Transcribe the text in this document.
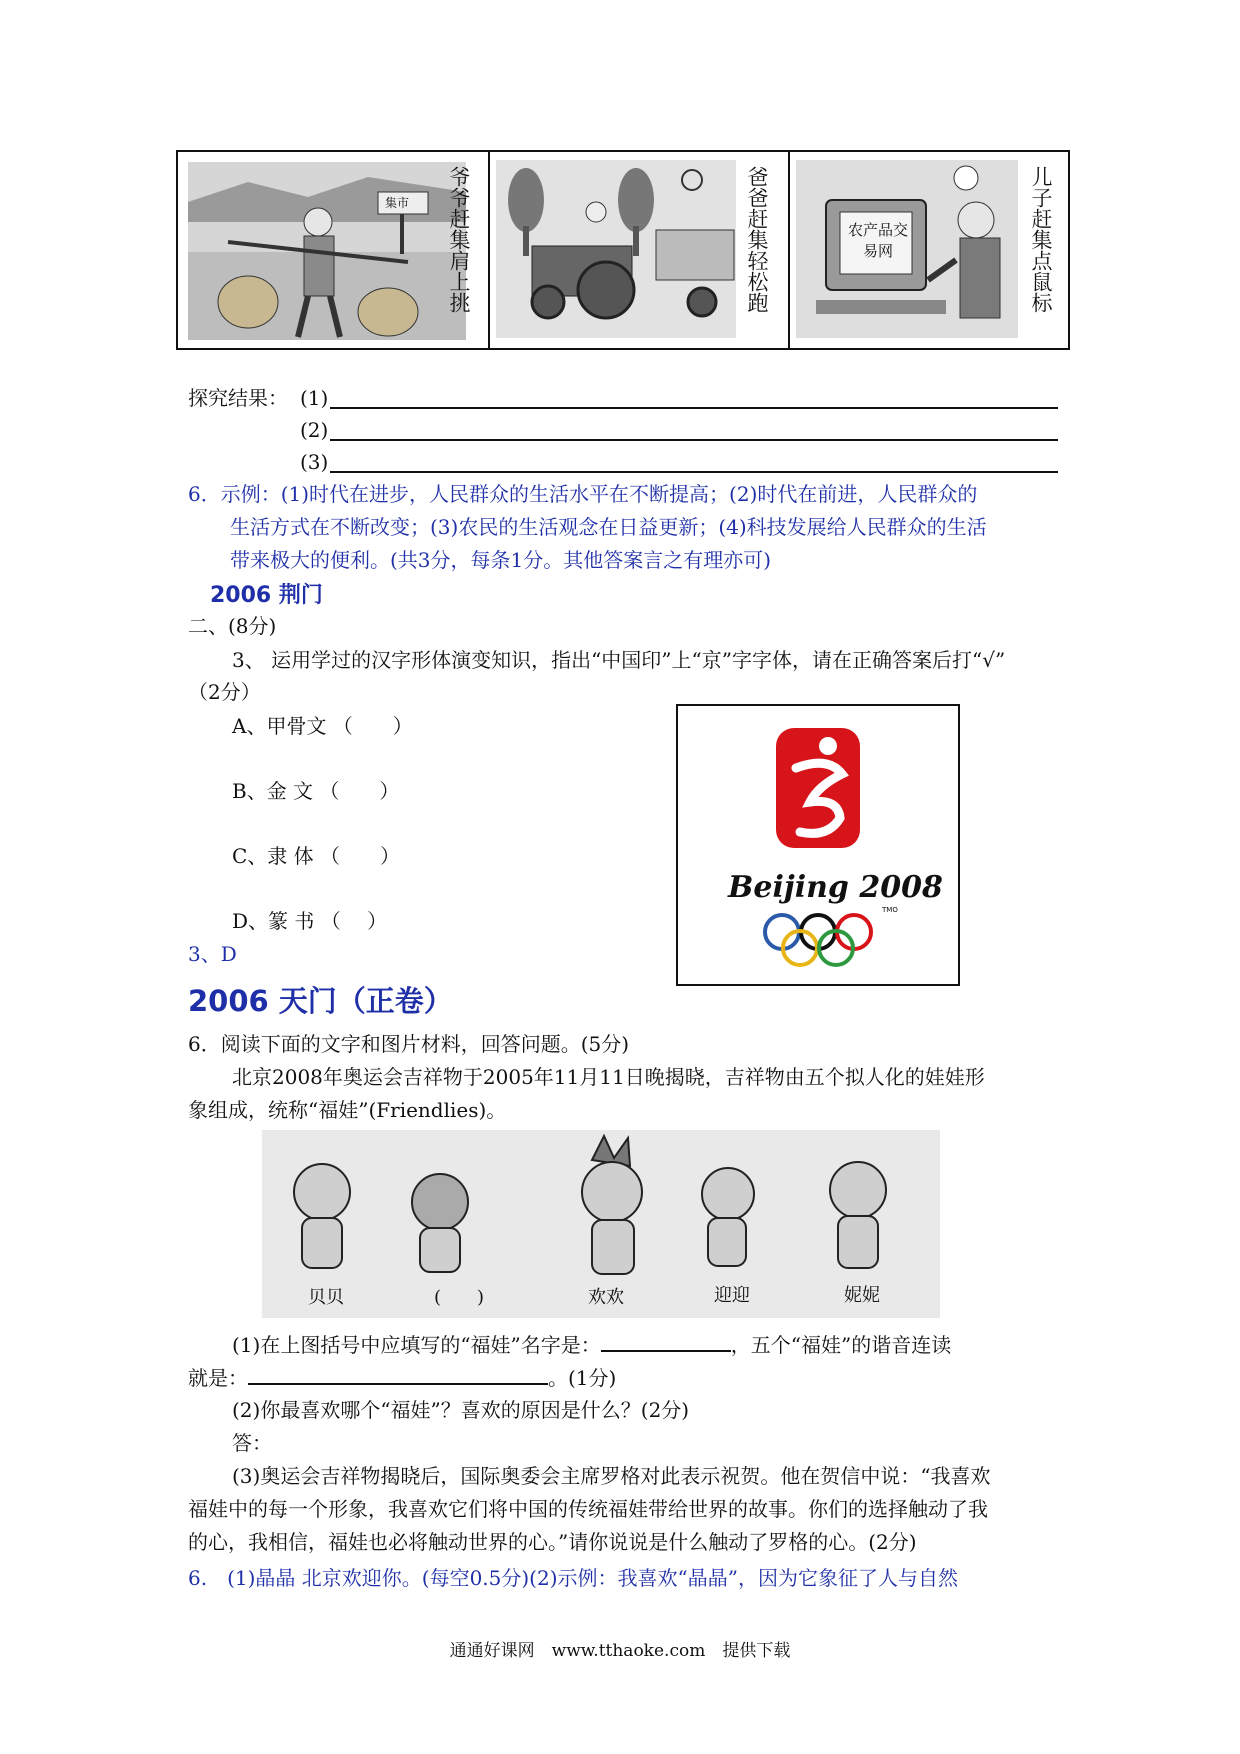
集市 爷爷赶集肩上挑	爸爸赶集轻松跑	农产品交易网	儿子赶集点鼠标
探究结果： (1)
(2)
(3)
6．示例：(1)时代在进步，人民群众的生活水平在不断提高；(2)时代在前进，人民群众的
生活方式在不断改变；(3)农民的生活观念在日益更新；(4)科技发展给人民群众的生活
带来极大的便利。(共3分，每条1分。其他答案言之有理亦可)
2006 荆门
二、(8分)
3、 运用学过的汉字形体演变知识，指出“中国印”上“京”字字体，请在正确答案后打“√”
（2分）
A、甲骨文 （　　）
B、金 文 （　　）
C、隶 体 （　　）
D、篆 书 （　 ）
3、D
Beijing 2008
TMO
2006 天门（正卷）
6．阅读下面的文字和图片材料，回答问题。(5分)
北京2008年奥运会吉祥物于2005年11月11日晚揭晓，吉祥物由五个拟人化的娃娃形
象组成，统称“福娃”(Friendlies)。
贝贝	(　　)	欢欢	迎迎	妮妮
(1)在上图括号中应填写的“福娃”名字是：	，五个“福娃”的谐音连读
就是：	。(1分)
(2)你最喜欢哪个“福娃”？喜欢的原因是什么？(2分)
答：
(3)奥运会吉祥物揭晓后，国际奥委会主席罗格对此表示祝贺。他在贺信中说：“我喜欢
福娃中的每一个形象，我喜欢它们将中国的传统福娃带给世界的故事。你们的选择触动了我
的心，我相信，福娃也必将触动世界的心。”请你说说是什么触动了罗格的心。(2分)
6.　(1)晶晶 北京欢迎你。(每空0.5分)(2)示例：我喜欢“晶晶”，因为它象征了人与自然
通通好课网　www.tthaoke.com　提供下载
